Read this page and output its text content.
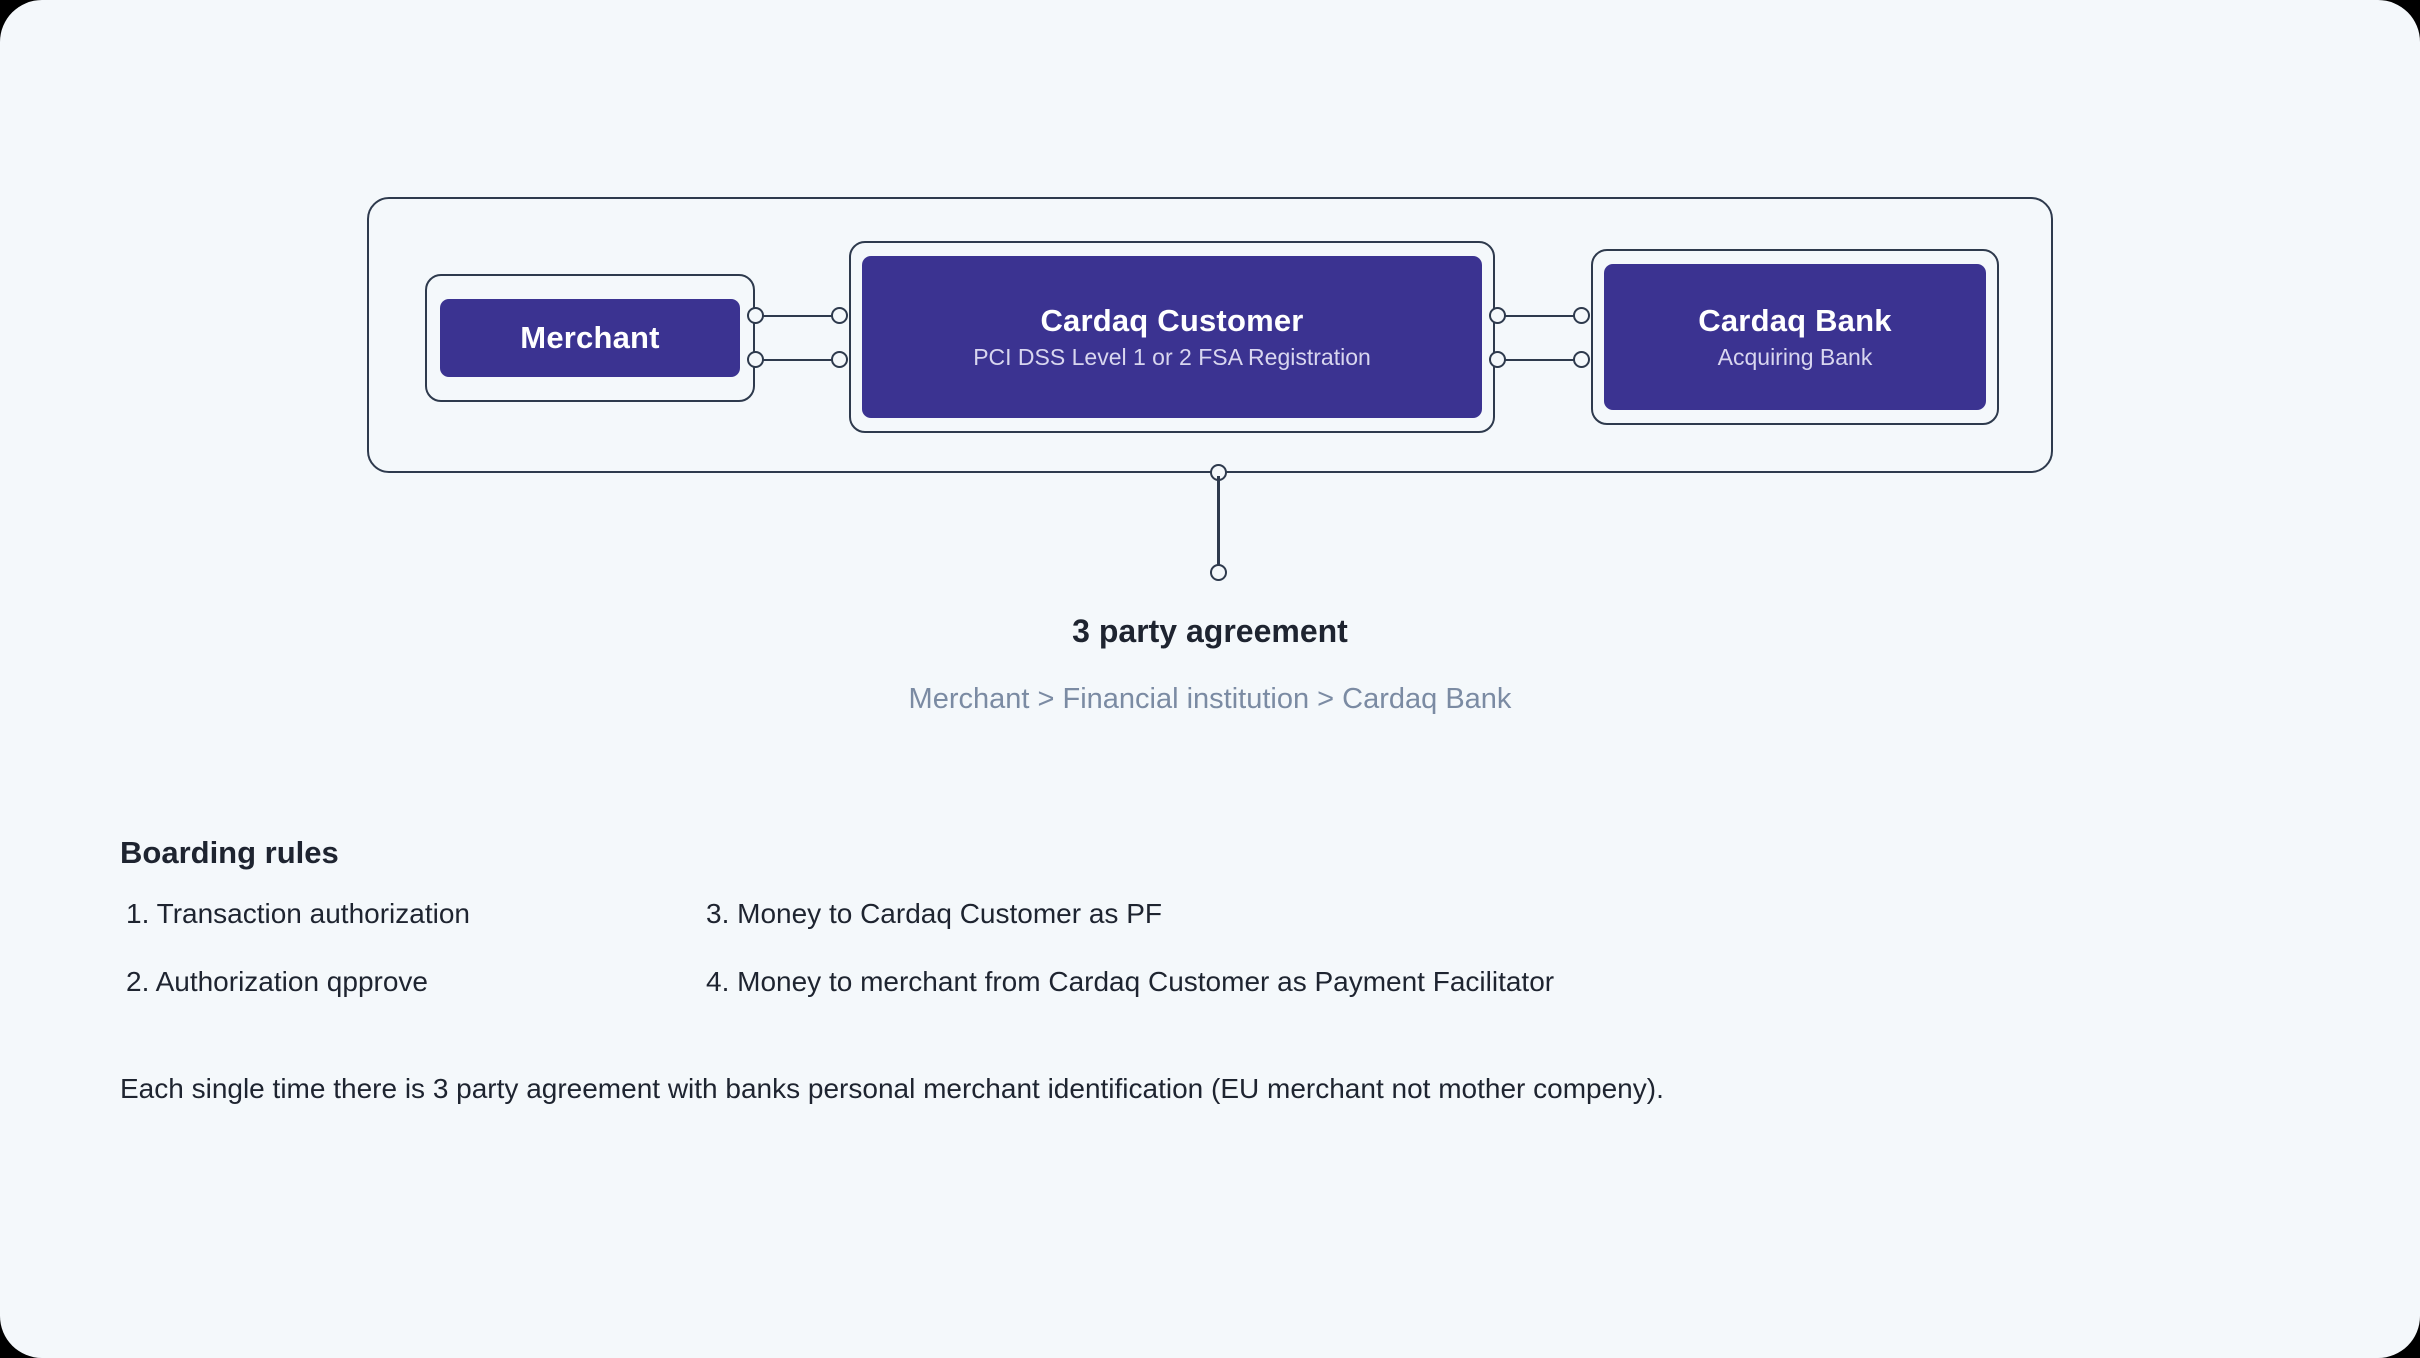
Merchant	Cardaq Customer
PCI DSS Level 1 or 2 FSA Registration
Cardaq Bank
Acquiring Bank
3 party agreement
Merchant > Financial institution > Cardaq Bank
Boarding rules
1. Transaction authorization
2. Authorization qpprove
3. Money to Cardaq Customer as PF
4. Money to merchant from Cardaq Customer as Payment Facilitator
Each single time there is 3 party agreement with banks personal merchant identification (EU merchant not mother compeny).
